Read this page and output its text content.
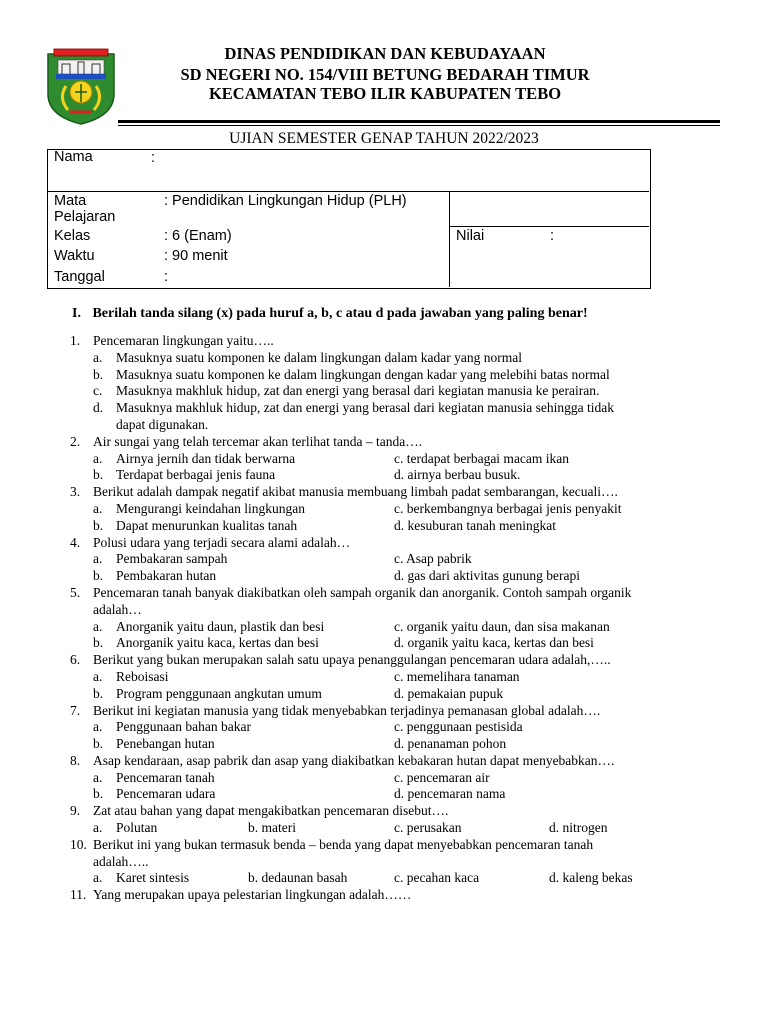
DINAS PENDIDIKAN DAN KEBUDAYAAN
SD NEGERI NO. 154/VIII BETUNG BEDARAH TIMUR
KECAMATAN TEBO ILIR KABUPATEN TEBO
UJIAN SEMESTER GENAP TAHUN 2022/2023
Nama	:
Mata
Pelajaran
: Pendidikan Lingkungan Hidup (PLH)
Kelas	: 6 (Enam)
Waktu	: 90 menit
Tanggal	:
Nilai	:
I. Berilah tanda silang (x) pada huruf a, b, c atau d pada jawaban yang paling benar!
1. Pencemaran lingkungan yaitu…..
a. Masuknya suatu komponen ke dalam lingkungan dalam kadar yang normal
b. Masuknya suatu komponen ke dalam lingkungan dengan kadar yang melebihi batas normal
c. Masuknya makhluk hidup, zat dan energi yang berasal dari kegiatan manusia ke perairan.
d. Masuknya makhluk hidup, zat dan energi yang berasal dari kegiatan manusia sehingga tidak
dapat digunakan.
2. Air sungai yang telah tercemar akan terlihat tanda – tanda….
a. Airnya jernih dan tidak berwarna	c. terdapat berbagai macam ikan
b. Terdapat berbagai jenis fauna	d. airnya berbau busuk.
3. Berikut adalah dampak negatif akibat manusia membuang limbah padat sembarangan, kecuali….
a. Mengurangi keindahan lingkungan	c. berkembangnya berbagai jenis penyakit
b. Dapat menurunkan kualitas tanah	d. kesuburan tanah meningkat
4. Polusi udara yang terjadi secara alami adalah…
a. Pembakaran sampah	c. Asap pabrik
b. Pembakaran hutan	d. gas dari aktivitas gunung berapi
5. Pencemaran tanah banyak diakibatkan oleh sampah organik dan anorganik. Contoh sampah organik
adalah…
a. Anorganik yaitu daun, plastik dan besi	c. organik yaitu daun, dan sisa makanan
b. Anorganik yaitu kaca, kertas dan besi	d. organik yaitu kaca, kertas dan besi
6. Berikut yang bukan merupakan salah satu upaya penanggulangan pencemaran udara adalah,…..
a. Reboisasi	c. memelihara tanaman
b. Program penggunaan angkutan umum	d. pemakaian pupuk
7. Berikut ini kegiatan manusia yang tidak menyebabkan terjadinya pemanasan global adalah….
a. Penggunaan bahan bakar	c. penggunaan pestisida
b. Penebangan hutan	d. penanaman pohon
8. Asap kendaraan, asap pabrik dan asap yang diakibatkan kebakaran hutan dapat menyebabkan….
a. Pencemaran tanah	c. pencemaran air
b. Pencemaran udara	d. pencemaran nama
9. Zat atau bahan yang dapat mengakibatkan pencemaran disebut….
a. Polutan	b. materi	c. perusakan	d. nitrogen
10. Berikut ini yang bukan termasuk benda – benda yang dapat menyebabkan pencemaran tanah
adalah…..
a. Karet sintesis	b. dedaunan basah	c. pecahan kaca	d. kaleng bekas
11. Yang merupakan upaya pelestarian lingkungan adalah……
